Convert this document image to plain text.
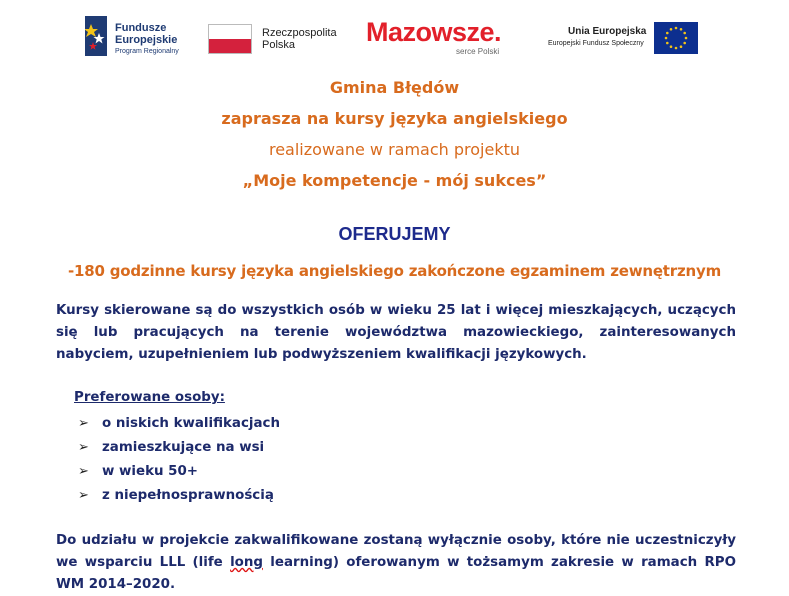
Fundusze
Europejskie
Program Regionalny
Rzeczpospolita
Polska	Mazowsze.
serce Polski
Unia Europejska
Europejski Fundusz Społeczny
Gmina Błędów
zaprasza na kursy języka angielskiego
realizowane w ramach projektu
„Moje kompetencje - mój sukces”
OFERUJEMY
-180 godzinne kursy języka angielskiego zakończone egzaminem zewnętrznym
Kursy skierowane są do wszystkich osób w wieku 25 lat i więcej mieszkających, uczących się lub pracujących na terenie województwa mazowieckiego, zainteresowanych nabyciem, uzupełnieniem lub podwyższeniem kwalifikacji językowych.
Preferowane osoby:
➢ o niskich kwalifikacjach
➢ zamieszkujące na wsi
➢ w wieku 50+
➢ z niepełnosprawnością
Do udziału w projekcie zakwalifikowane zostaną wyłącznie osoby, które nie uczestniczyły we wsparciu LLL (life long learning) oferowanym w tożsamym zakresie w ramach RPO WM 2014–2020.
